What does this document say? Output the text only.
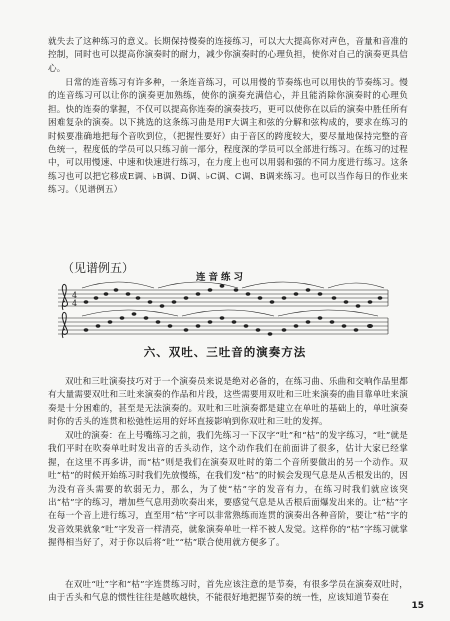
就失去了这种练习的意义。长期保持慢奏的连接练习，可以大大提高你对声色，音量和音准的控制，同时也可以提高你演奏时的耐力，减少你演奏时的心理负担，使你对自己的演奏更具信心。

日常的连音练习有许多种，一条连音练习，可以用慢的节奏练也可以用快的节奏练习。慢的连音练习可以让你的演奏更加熟练，使你的演奏充满信心，并且能消除你演奏时的心理负担。快的连奏的掌握，不仅可以提高你连奏的演奏技巧，更可以使你在以后的演奏中胜任所有困难复杂的演奏。以下挑选的这条练习曲是用F大调主和弦的分解和弦构成的，要求在练习的时候要准确地把每个音吹到位，（把握性要好）由于音区的跨度较大，要尽量地保持完整的音色统一，程度低的学员可以只练习前一部分，程度深的学员可以全部进行练习。在练习的过程中，可以用慢速、中速和快速进行练习，在力度上也可以用弱和强的不同力度进行练习。这条练习也可以把它移成E调、♭B调、D调、♭C调、C调、B调来练习。也可以当作每日的作业来练习。（见谱例五）

（见谱例五）
连音练习
4
4
六、双吐、三吐音的演奏方法

双吐和三吐演奏技巧对于一个演奏员来说是绝对必备的，在练习曲、乐曲和交响作品里都有大量需要双吐和三吐来演奏的作品和片段，这些需要用双吐和三吐来演奏的曲目靠单吐来演奏是十分困难的，甚至是无法演奏的。双吐和三吐演奏都是建立在单吐的基础上的，单吐演奏时你的舌头的连贯和松弛性运用的好坏直接影响到你双吐和三吐的发挥。

双吐的演奏：在上号嘴练习之前，我们先练习一下汉字“吐”和“枯”的发字练习，“吐”就是我们平时在吹奏单吐时发出音的舌头动作，这个动作我们在前面讲了很多，估计大家已经掌握，在这里不再多讲，而“枯”则是我们在演奏双吐时的第二个音所要做出的另一个动作。双吐“枯”的时候开始练习时我们先放慢练，在我们发“枯”的时候会发现气息是从舌根发出的，因为没有音头需要的软弱无力，那么，为了使“枯”字的发音有力，在练习时我们就应该突出“枯”字的练习，增加些气息用劲吹奏出来，要感觉气息是从舌根后面爆发出来的。让“枯”字在每一个音上进行练习，直至用“枯”字可以非常熟练而连贯的演奏出各种音阶，要让“枯”字的发音效果就象“吐”字发音一样清亮，就象演奏单吐一样不被人发觉。这样你的“枯”字练习就掌握得相当好了，对于你以后将“吐”“枯”联合使用就方便多了。

在双吐“吐”字和“枯”字连贯练习时，首先应该注意的是节奏，有很多学员在演奏双吐时，由于舌头和气息的惯性往往是越吹越快，不能很好地把握节奏的统一性，应该知道节奏在

15
